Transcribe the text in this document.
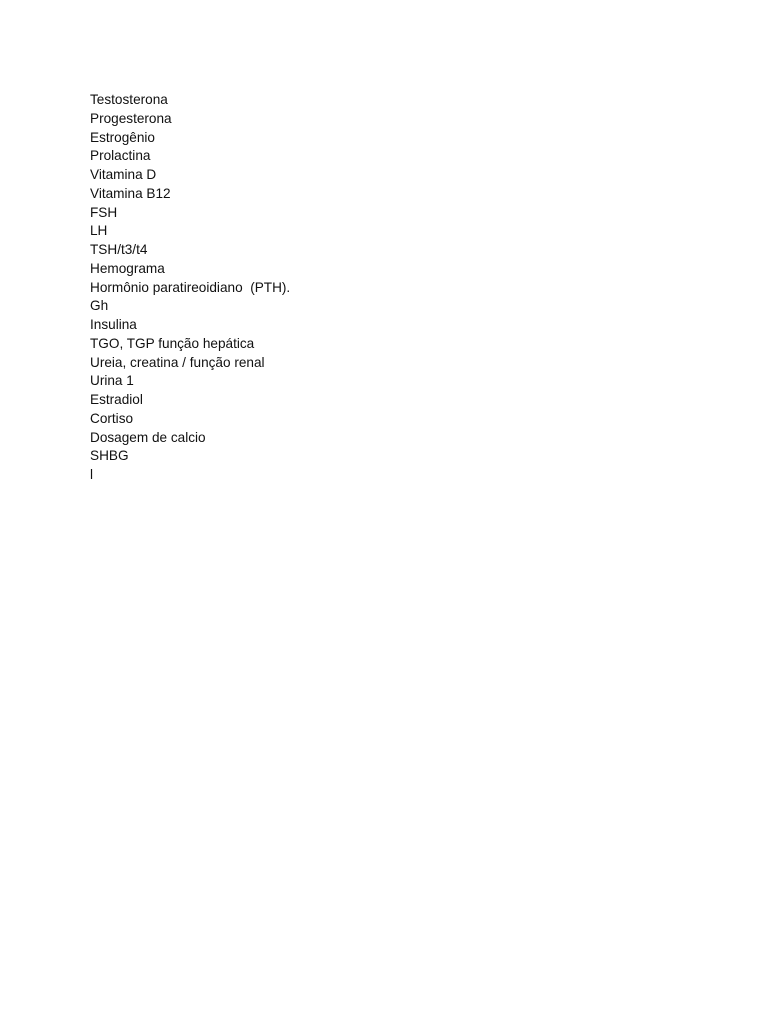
Testosterona
Progesterona
Estrogênio
Prolactina
Vitamina D
Vitamina B12
FSH
LH
TSH/t3/t4
Hemograma
Hormônio paratireoidiano  (PTH).
Gh
Insulina
TGO, TGP função hepática
Ureia, creatina / função renal
Urina 1
Estradiol
Cortiso
Dosagem de calcio
SHBG
l
